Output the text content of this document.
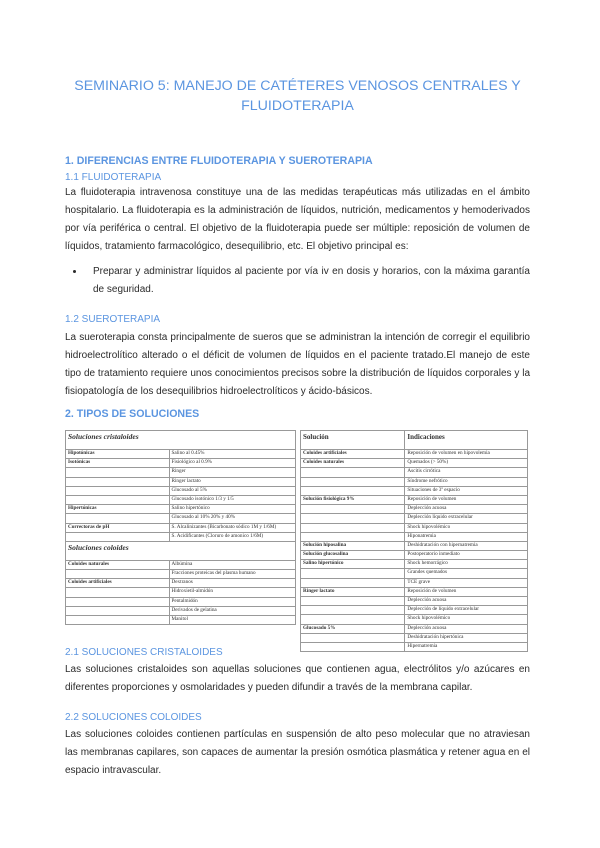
SEMINARIO 5: MANEJO DE CATÉTERES VENOSOS CENTRALES Y FLUIDOTERAPIA
1. DIFERENCIAS ENTRE FLUIDOTERAPIA Y SUEROTERAPIA
1.1 FLUIDOTERAPIA

La fluidoterapia intravenosa constituye una de las medidas terapéuticas más utilizadas en el ámbito hospitalario. La fluidoterapia es la administración de líquidos, nutrición, medicamentos y hemoderivados por vía periférica o central. El objetivo de la fluidoterapia puede ser múltiple: reposición de volumen de líquidos, tratamiento farmacológico, desequilibrio, etc. El objetivo principal es:

• Preparar y administrar líquidos al paciente por vía iv en dosis y horarios, con la máxima garantía de seguridad.
1.2 SUEROTERAPIA

La sueroterapia consta principalmente de sueros que se administran la intención de corregir el equilibrio hidroelectrolítico alterado o el déficit de volumen de líquidos en el paciente tratado.El manejo de este tipo de tratamiento requiere unos conocimientos precisos sobre la distribución de líquidos corporales y la fisiopatología de los desequilibrios hidroelectrolíticos y ácido-básicos.

2. TIPOS DE SOLUCIONES
Soluciones cristaloides	
Hipotónicas	Salino al 0.45%
Isotónicas	Fisiológico al 0.9%
	Ringer
	Ringer lactato
	Glucosado al 5%
	Glucosado isotónico 1/3 y 1/5
Hipertónicas	Salino hipertónico
	Glucosado al 10% 20% y 40%
Correctoras de pH	S. Alcalinizantes (Bicarbonato sódico 1M y 1/6M)
	S. Acidificantes (Cloruro de amonico 1/6M)
Soluciones coloides	
Coloides naturales	Albúmina
	Fracciones proteicas del plasma humano
Coloides artificiales	Dextranos
	Hidroxietil-almidón
	Pentalmidón
	Derivados de gelatina
	Manitol
Solución	Indicaciones
Coloides artificiales	Reposición de volumen en hipovolemia
Coloides naturales	Quemados (> 50%)
	Ascitis cirrótica
	Síndrome nefrótico
	Situaciones de 3º espacio
Solución fisiológica 9%	Reposición de volumen
	Deplección acuosa
	Deplección líquido extracelular
	Shock hipovolémico
	Hiponatremia
Solución hiposalina	Deshidratación con hipernatremia
Solución glucosalina	Postoperatorio inmediato
Salino hipertónico	Shock hemorrágico
	Grandes quemados
	TCE grave
Ringer lactato	Reposición de volumen
	Deplección acuosa
	Deplección de líquido extracelular
	Shock hipovolémico
Glucosado 5%	Deplección acuosa
	Deshidratación hipertónica
	Hipernatremia
2.1 SOLUCIONES CRISTALOIDES

Las soluciones cristaloides son aquellas soluciones que contienen agua, electrólitos y/o azúcares en diferentes proporciones y osmolaridades y pueden difundir a través de la membrana capilar.

2.2 SOLUCIONES COLOIDES

Las soluciones coloides contienen partículas en suspensión de alto peso molecular que no atraviesan las membranas capilares, son capaces de aumentar la presión osmótica plasmática y retener agua en el espacio intravascular.
